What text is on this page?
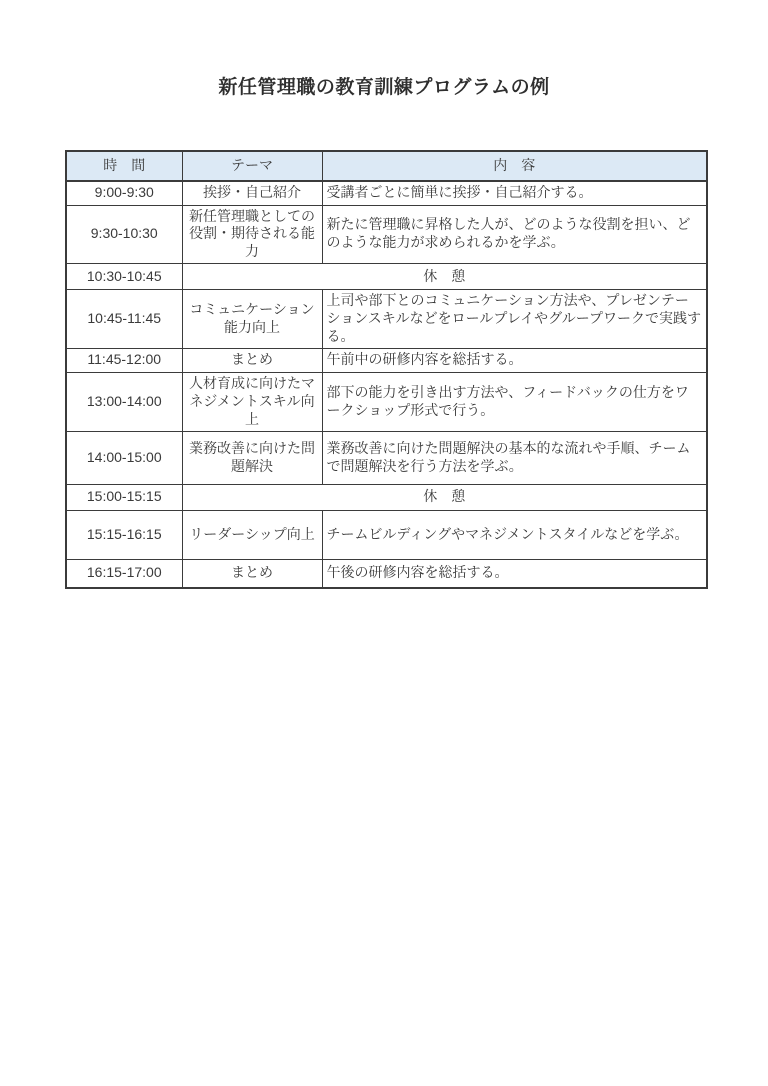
新任管理職の教育訓練プログラムの例
時　間	テーマ	内　容
9:00-9:30	挨拶・自己紹介	受講者ごとに簡単に挨拶・自己紹介する。
9:30-10:30	新任管理職としての役割・期待される能力	新たに管理職に昇格した人が、どのような役割を担い、どのような能力が求められるかを学ぶ。
10:30-10:45	休　憩	
10:45-11:45	コミュニケーション能力向上	上司や部下とのコミュニケーション方法や、プレゼンテーションスキルなどをロールプレイやグループワークで実践する。
11:45-12:00	まとめ	午前中の研修内容を総括する。
13:00-14:00	人材育成に向けたマネジメントスキル向上	部下の能力を引き出す方法や、フィードバックの仕方をワークショップ形式で行う。
14:00-15:00	業務改善に向けた問題解決	業務改善に向けた問題解決の基本的な流れや手順、チームで問題解決を行う方法を学ぶ。
15:00-15:15	休　憩	
15:15-16:15	リーダーシップ向上	チームビルディングやマネジメントスタイルなどを学ぶ。
16:15-17:00	まとめ	午後の研修内容を総括する。
